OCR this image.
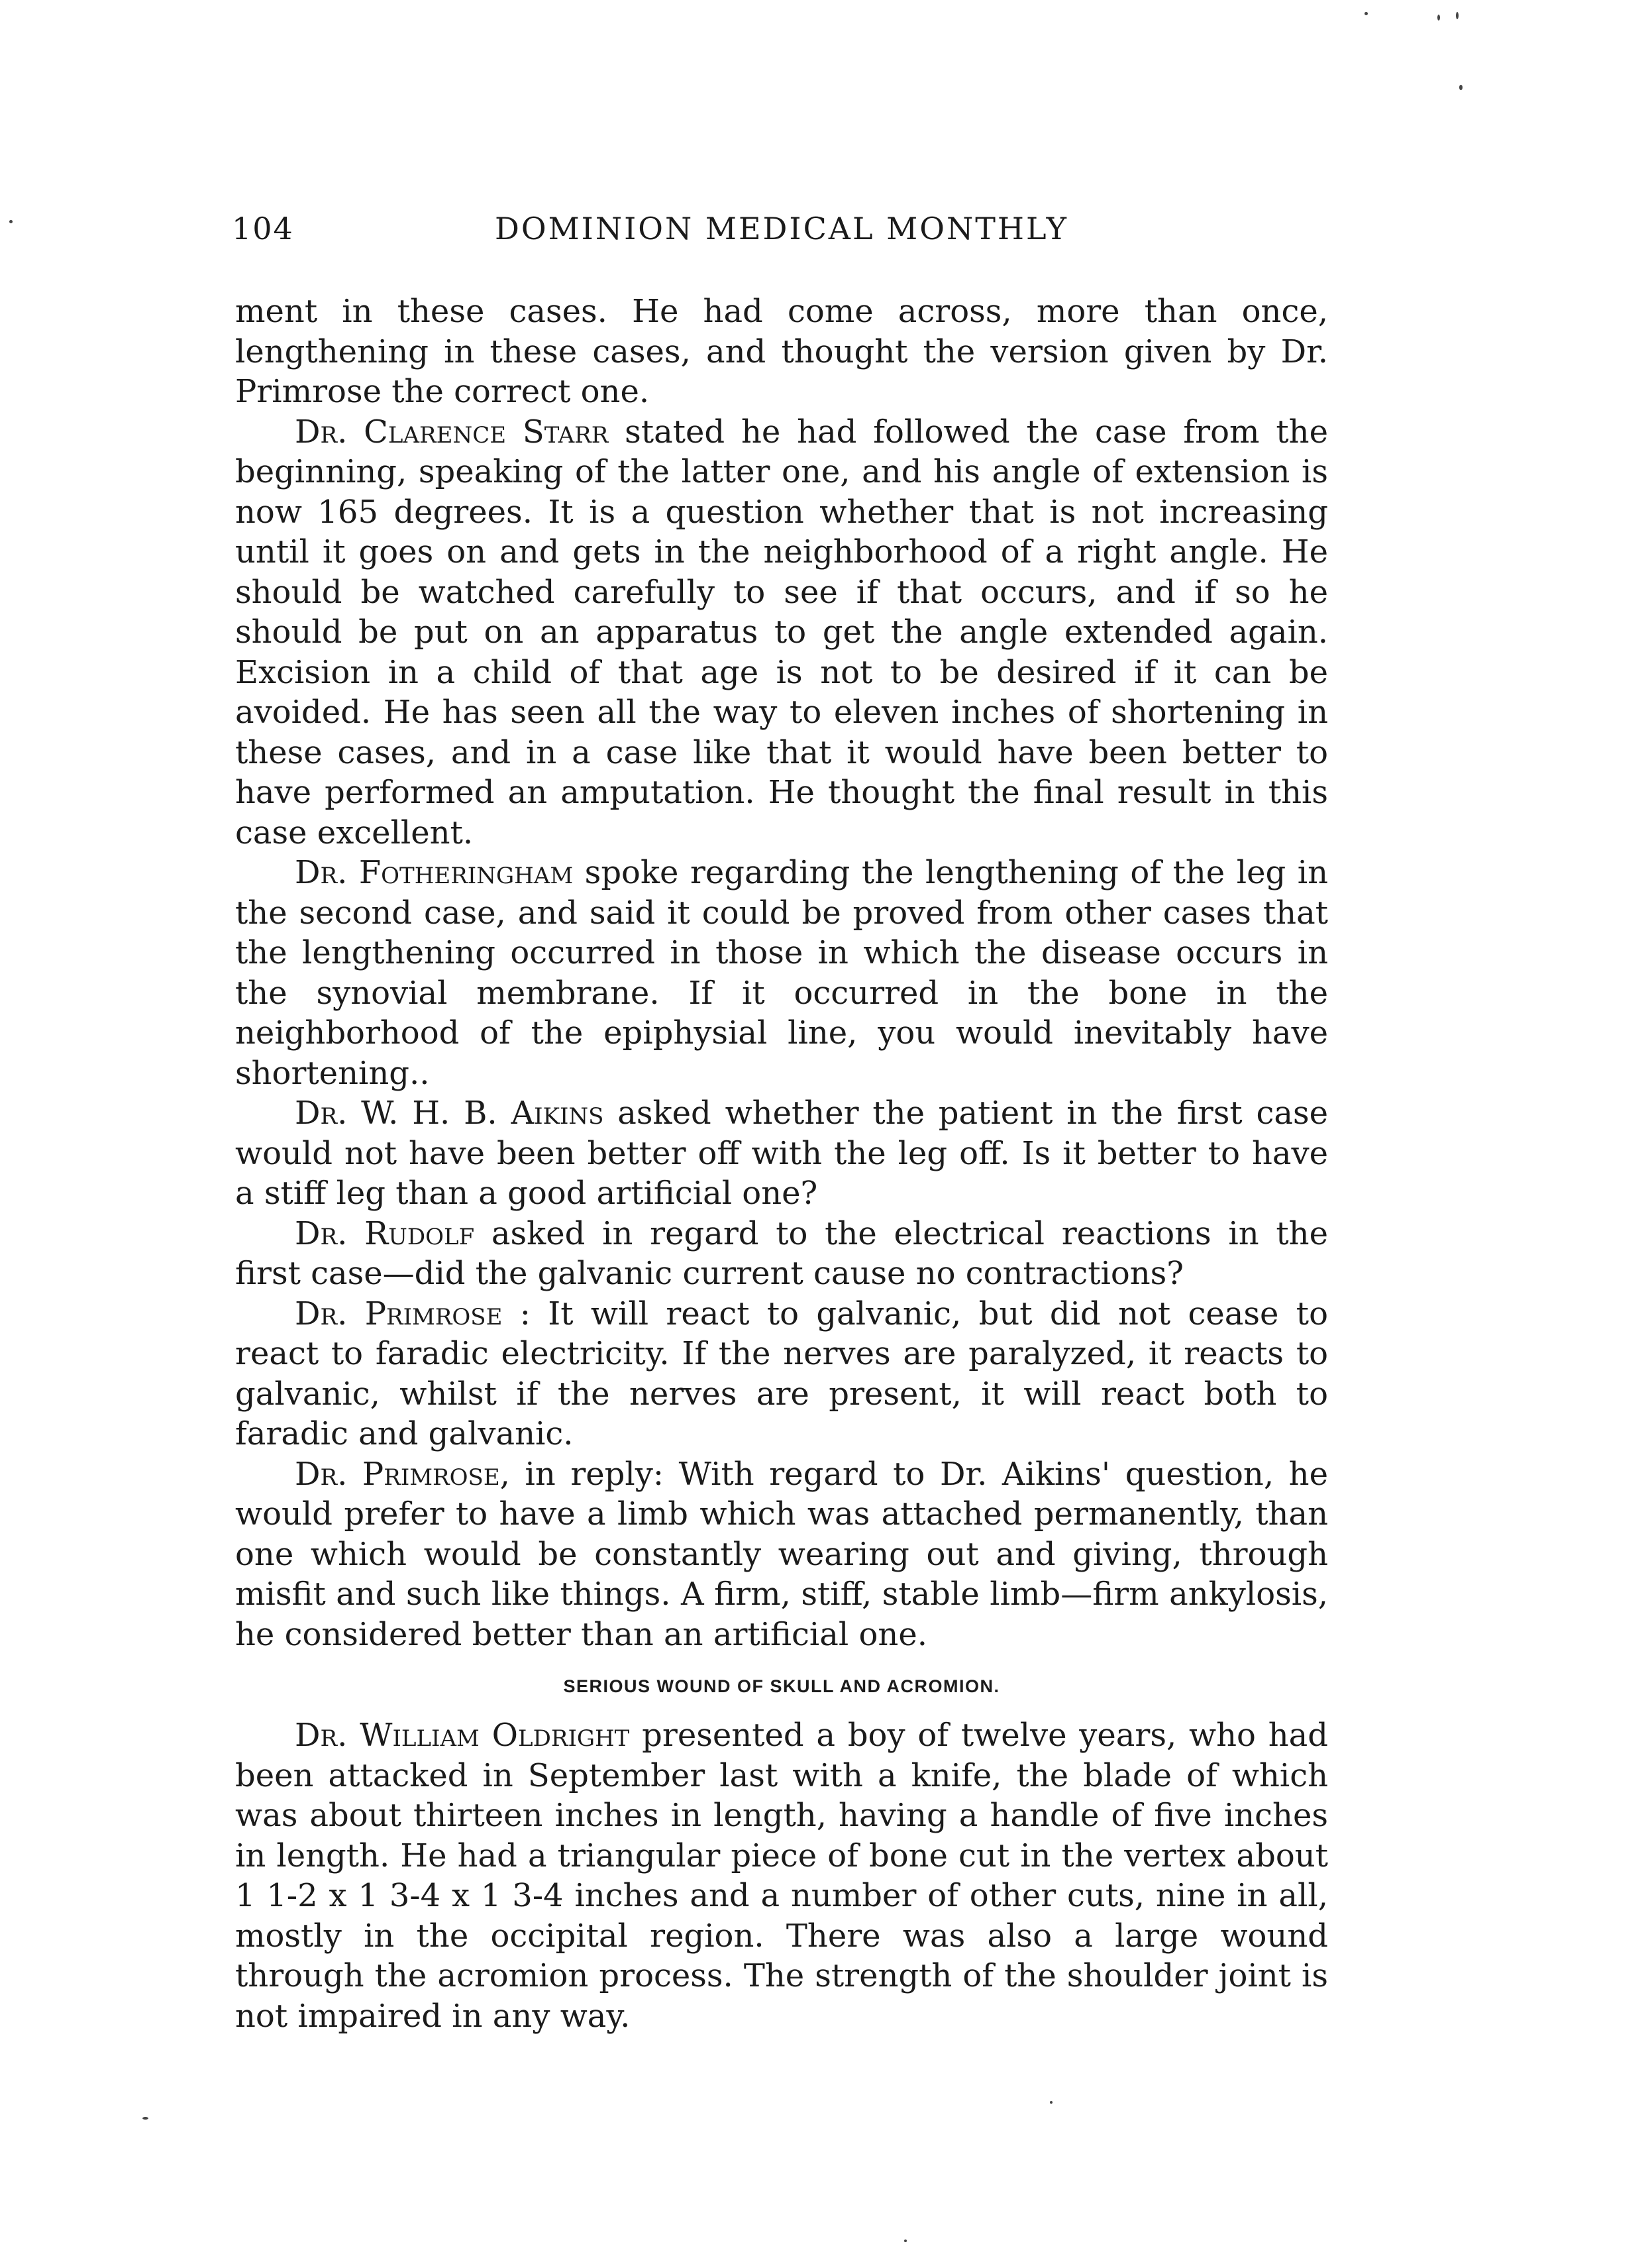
104	DOMINION MEDICAL MONTHLY

ment in these cases. He had come across, more than once, lengthening in these cases, and thought the version given by Dr. Primrose the correct one.

Dr. Clarence Starr stated he had followed the case from the beginning, speaking of the latter one, and his angle of extension is now 165 degrees. It is a question whether that is not increasing until it goes on and gets in the neighborhood of a right angle. He should be watched carefully to see if that occurs, and if so he should be put on an apparatus to get the angle extended again. Excision in a child of that age is not to be desired if it can be avoided. He has seen all the way to eleven inches of shortening in these cases, and in a case like that it would have been better to have performed an amputation. He thought the final result in this case excellent.

Dr. Fotheringham spoke regarding the lengthening of the leg in the second case, and said it could be proved from other cases that the lengthening occurred in those in which the disease occurs in the synovial membrane. If it occurred in the bone in the neighborhood of the epiphysial line, you would inevitably have shortening..

Dr. W. H. B. Aikins asked whether the patient in the first case would not have been better off with the leg off. Is it better to have a stiff leg than a good artificial one?

Dr. Rudolf asked in regard to the electrical reactions in the first case—did the galvanic current cause no contractions?

Dr. Primrose : It will react to galvanic, but did not cease to react to faradic electricity. If the nerves are paralyzed, it reacts to galvanic, whilst if the nerves are present, it will react both to faradic and galvanic.

Dr. Primrose, in reply: With regard to Dr. Aikins' question, he would prefer to have a limb which was attached permanently, than one which would be constantly wearing out and giving, through misfit and such like things. A firm, stiff, stable limb—firm ankylosis, he considered better than an artificial one.

SERIOUS WOUND OF SKULL AND ACROMION.

Dr. William Oldright presented a boy of twelve years, who had been attacked in September last with a knife, the blade of which was about thirteen inches in length, having a handle of five inches in length. He had a triangular piece of bone cut in the vertex about 1 1-2 x 1 3-4 x 1 3-4 inches and a number of other cuts, nine in all, mostly in the occipital region. There was also a large wound through the acromion process. The strength of the shoulder joint is not impaired in any way.
